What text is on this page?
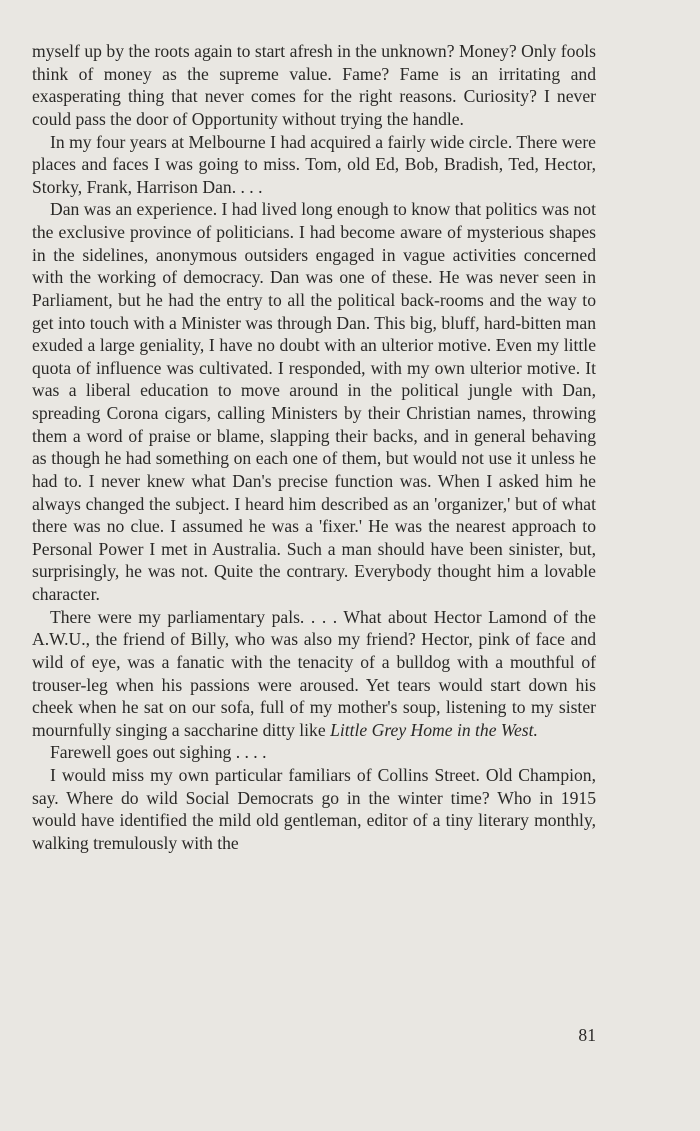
myself up by the roots again to start afresh in the unknown? Money? Only fools think of money as the supreme value. Fame? Fame is an irritating and exasperating thing that never comes for the right reasons. Curiosity? I never could pass the door of Opportunity without trying the handle.

In my four years at Melbourne I had acquired a fairly wide circle. There were places and faces I was going to miss. Tom, old Ed, Bob, Bradish, Ted, Hector, Storky, Frank, Harrison Dan. . . .

Dan was an experience. I had lived long enough to know that politics was not the exclusive province of politicians. I had become aware of mysterious shapes in the sidelines, anonymous outsiders engaged in vague activities concerned with the working of democracy. Dan was one of these. He was never seen in Parliament, but he had the entry to all the political back-rooms and the way to get into touch with a Minister was through Dan. This big, bluff, hard-bitten man exuded a large geniality, I have no doubt with an ulterior motive. Even my little quota of influence was cultivated. I responded, with my own ulterior motive. It was a liberal education to move around in the political jungle with Dan, spreading Corona cigars, calling Ministers by their Christian names, throwing them a word of praise or blame, slapping their backs, and in general behaving as though he had something on each one of them, but would not use it unless he had to. I never knew what Dan's precise function was. When I asked him he always changed the subject. I heard him described as an 'organizer,' but of what there was no clue. I assumed he was a 'fixer.' He was the nearest approach to Personal Power I met in Australia. Such a man should have been sinister, but, surprisingly, he was not. Quite the contrary. Everybody thought him a lovable character.

There were my parliamentary pals. . . . What about Hector Lamond of the A.W.U., the friend of Billy, who was also my friend? Hector, pink of face and wild of eye, was a fanatic with the tenacity of a bulldog with a mouthful of trouser-leg when his passions were aroused. Yet tears would start down his cheek when he sat on our sofa, full of my mother's soup, listening to my sister mournfully singing a saccharine ditty like Little Grey Home in the West.

Farewell goes out sighing . . . .

I would miss my own particular familiars of Collins Street. Old Champion, say. Where do wild Social Democrats go in the winter time? Who in 1915 would have identified the mild old gentleman, editor of a tiny literary monthly, walking tremulously with the

81
